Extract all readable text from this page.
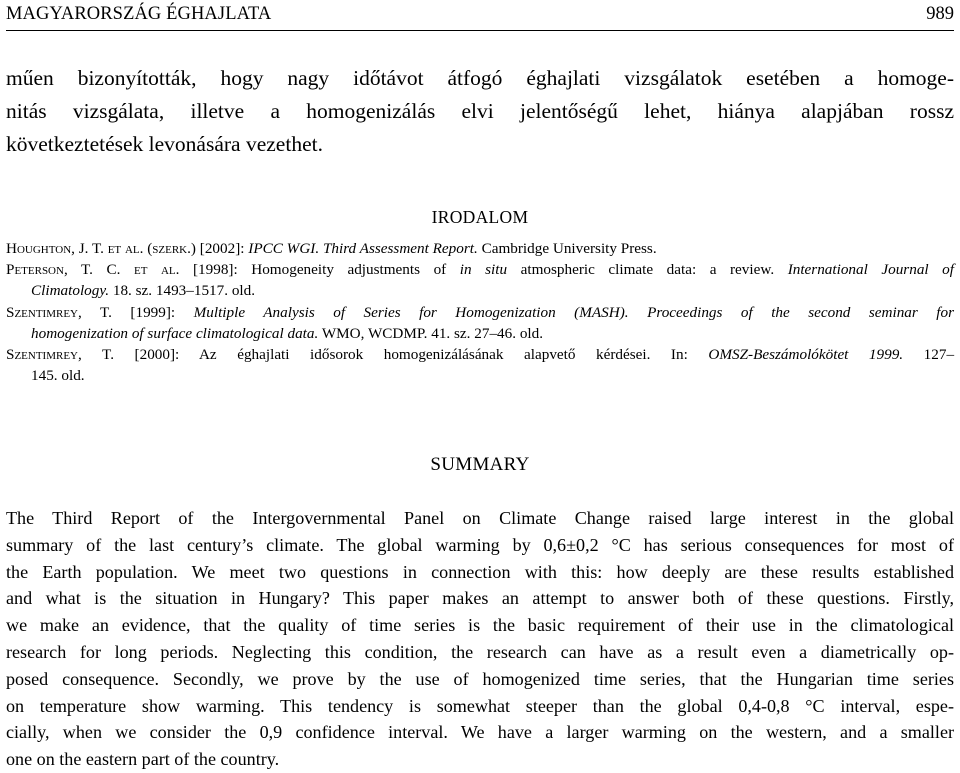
MAGYARORSZÁG ÉGHAJLATA	989
műen bizonyították, hogy nagy időtávot átfogó éghajlati vizsgálatok esetében a homoge-
nitás vizsgálata, illetve a homogenizálás elvi jelentőségű lehet, hiánya alapjában rossz
következtetések levonására vezethet.
IRODALOM
Houghton, J. T. et al. (szerk.) [2002]: IPCC WGI. Third Assessment Report. Cambridge University Press.
Peterson, T. C. et al. [1998]: Homogeneity adjustments of in situ atmospheric climate data: a review. International Journal of
Climatology. 18. sz. 1493–1517. old.
Szentimrey, T. [1999]: Multiple Analysis of Series for Homogenization (MASH). Proceedings of the second seminar for
homogenization of surface climatological data. WMO, WCDMP. 41. sz. 27–46. old.
Szentimrey, T. [2000]: Az éghajlati idősorok homogenizálásának alapvető kérdései. In: OMSZ-Beszámolókötet 1999. 127–
145. old.
SUMMARY
The Third Report of the Intergovernmental Panel on Climate Change raised large interest in the global
summary of the last century’s climate. The global warming by 0,6±0,2 °C has serious consequences for most of
the Earth population. We meet two questions in connection with this: how deeply are these results established
and what is the situation in Hungary? This paper makes an attempt to answer both of these questions. Firstly,
we make an evidence, that the quality of time series is the basic requirement of their use in the climatological
research for long periods. Neglecting this condition, the research can have as a result even a diametrically op-
posed consequence. Secondly, we prove by the use of homogenized time series, that the Hungarian time series
on temperature show warming. This tendency is somewhat steeper than the global 0,4-0,8 °C interval, espe-
cially, when we consider the 0,9 confidence interval. We have a larger warming on the western, and a smaller
one on the eastern part of the country.
